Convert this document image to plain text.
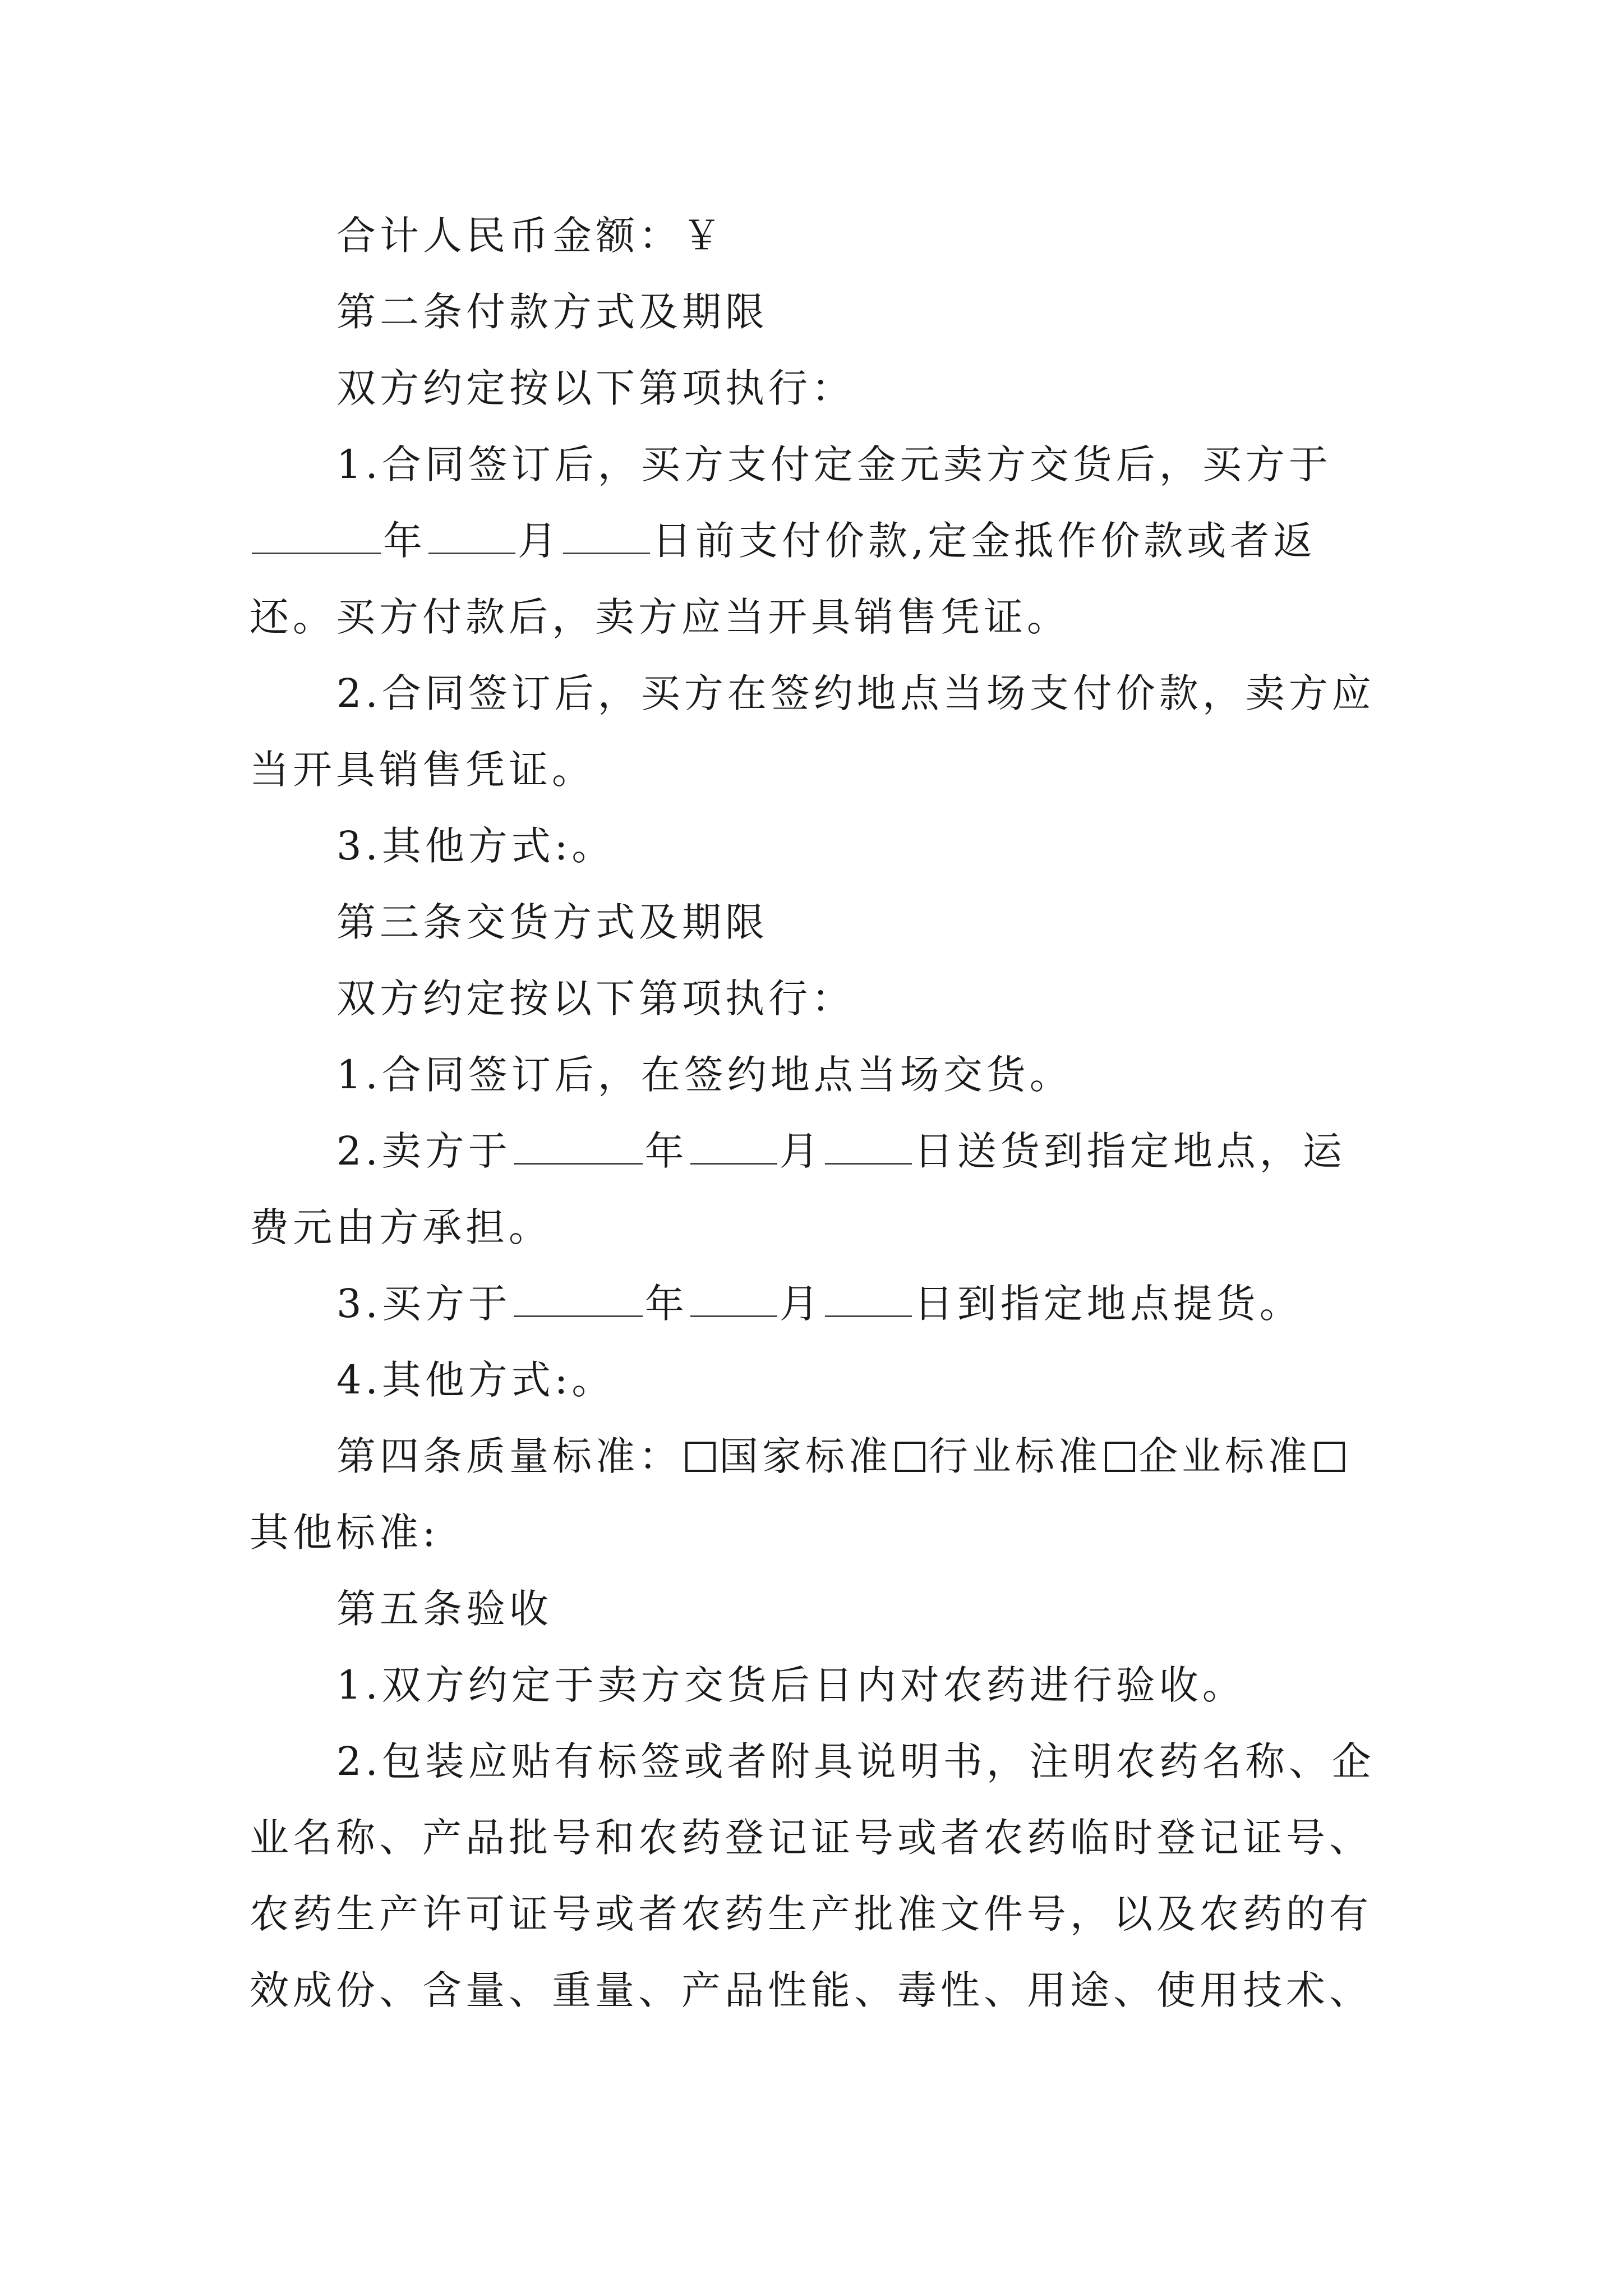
合计人民币金额：￥

第二条付款方式及期限

双方约定按以下第项执行：

1.合同签订后，买方支付定金元卖方交货后，买方于年 月 日前支付价款,定金抵作价款或者返还。买方付款后，卖方应当开具销售凭证。

2.合同签订后，买方在签约地点当场支付价款，卖方应当开具销售凭证。

3.其他方式:。

第三条交货方式及期限

双方约定按以下第项执行：

1.合同签订后，在签约地点当场交货。

2.卖方于	年 月 日送货到指定地点，运费元由方承担。

3.买方于	年 月 日到指定地点提货。

4.其他方式:。

第四条质量标准： 国家标准 行业标准 企业标准其他标准:

第五条验收

1.双方约定于卖方交货后日内对农药进行验收。

2.包装应贴有标签或者附具说明书，注明农药名称、企业名称、产品批号和农药登记证号或者农药临时登记证号、农药生产许可证号或者农药生产批准文件号，以及农药的有效成份、含量、重量、产品性能、毒性、用途、使用技术、
